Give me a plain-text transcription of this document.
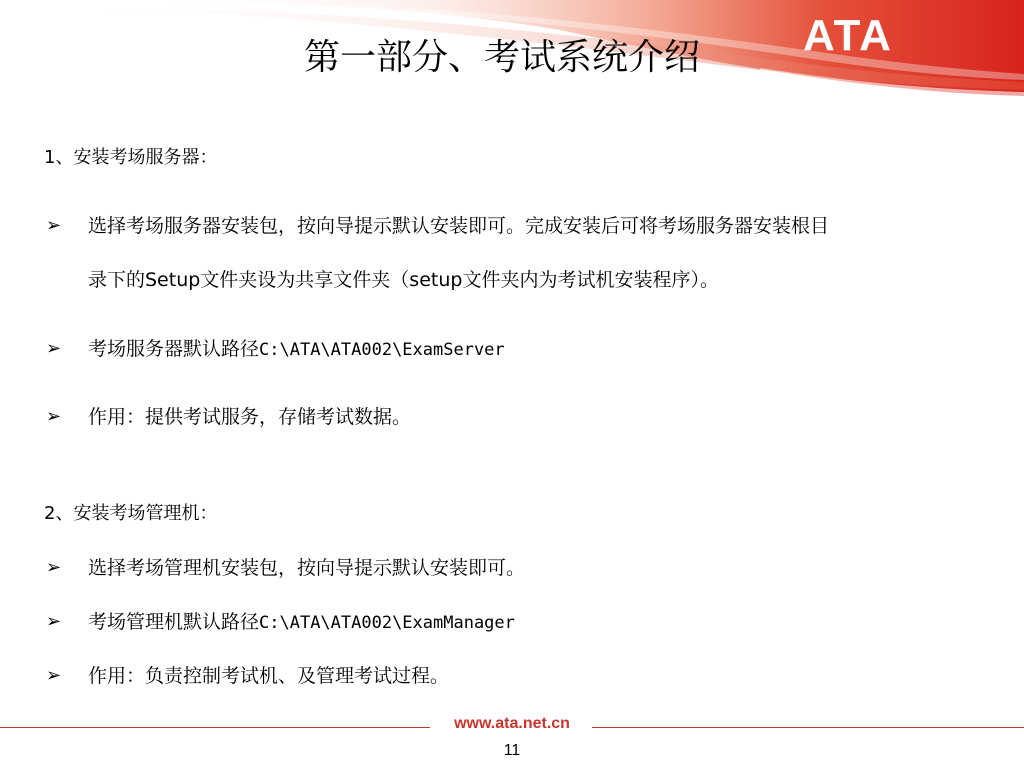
ATA
第一部分、考试系统介绍
1、安装考场服务器：
➢ 选择考场服务器安装包，按向导提示默认安装即可。完成安装后可将考场服务器安装根目
录下的Setup文件夹设为共享文件夹（setup文件夹内为考试机安装程序）。
➢ 考场服务器默认路径C:\ATA\ATA002\ExamServer
➢ 作用：提供考试服务，存储考试数据。
2、安装考场管理机：
➢ 选择考场管理机安装包，按向导提示默认安装即可。
➢ 考场管理机默认路径C:\ATA\ATA002\ExamManager
➢ 作用：负责控制考试机、及管理考试过程。
www.ata.net.cn
11
